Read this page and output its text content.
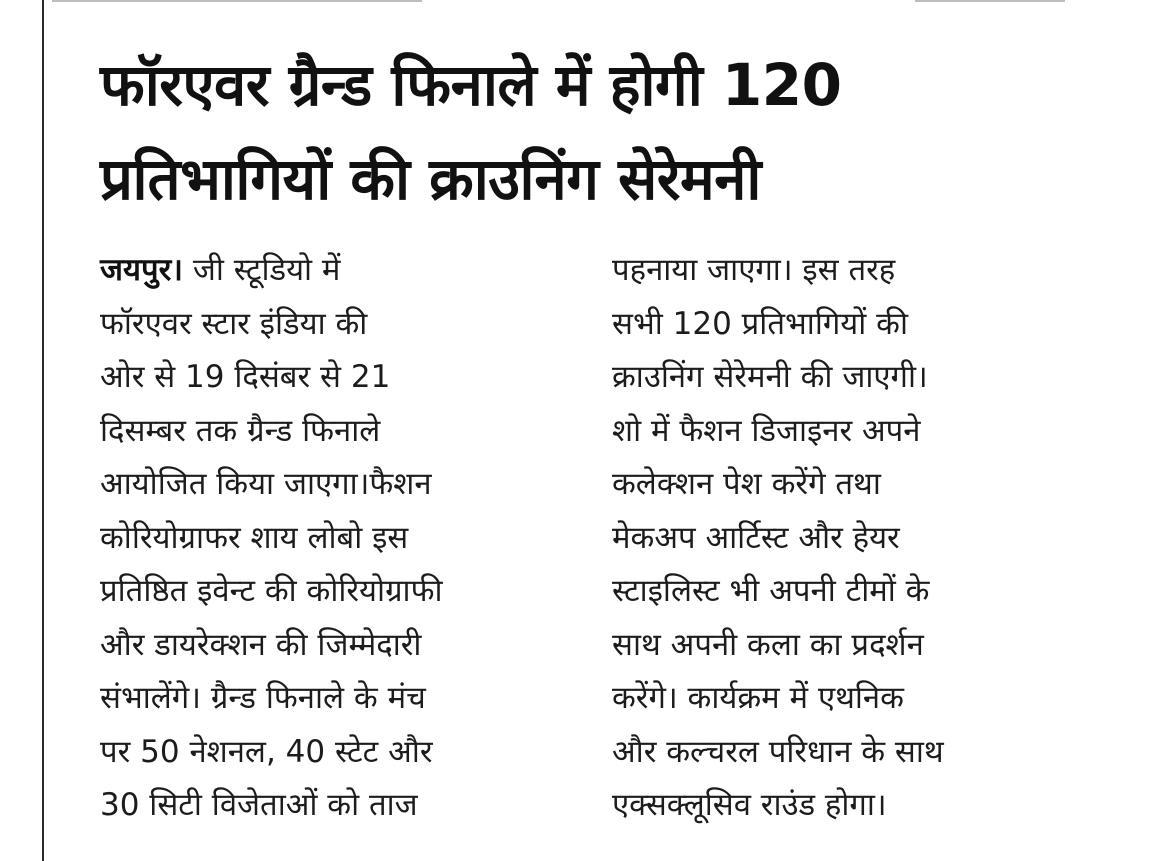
फॉरएवर ग्रैन्ड फिनाले में होगी 120
प्रतिभागियों की क्राउनिंग सेरेमनी
जयपुर। जी स्टूडियो में
फॉरएवर स्टार इंडिया की
ओर से 19 दिसंबर से 21
दिसम्बर तक ग्रैन्ड फिनाले
आयोजित किया जाएगा।फैशन
कोरियोग्राफर शाय लोबो इस
प्रतिष्ठित इवेन्ट की कोरियोग्राफी
और डायरेक्शन की जिम्मेदारी
संभालेंगे। ग्रैन्ड फिनाले के मंच
पर 50 नेशनल, 40 स्टेट और
30 सिटी विजेताओं को ताज
पहनाया जाएगा। इस तरह
सभी 120 प्रतिभागियों की
क्राउनिंग सेरेमनी की जाएगी।
शो में फैशन डिजाइनर अपने
कलेक्शन पेश करेंगे तथा
मेकअप आर्टिस्ट और हेयर
स्टाइलिस्ट भी अपनी टीमों के
साथ अपनी कला का प्रदर्शन
करेंगे। कार्यक्रम में एथनिक
और कल्चरल परिधान के साथ
एक्सक्लूसिव राउंड होगा।
